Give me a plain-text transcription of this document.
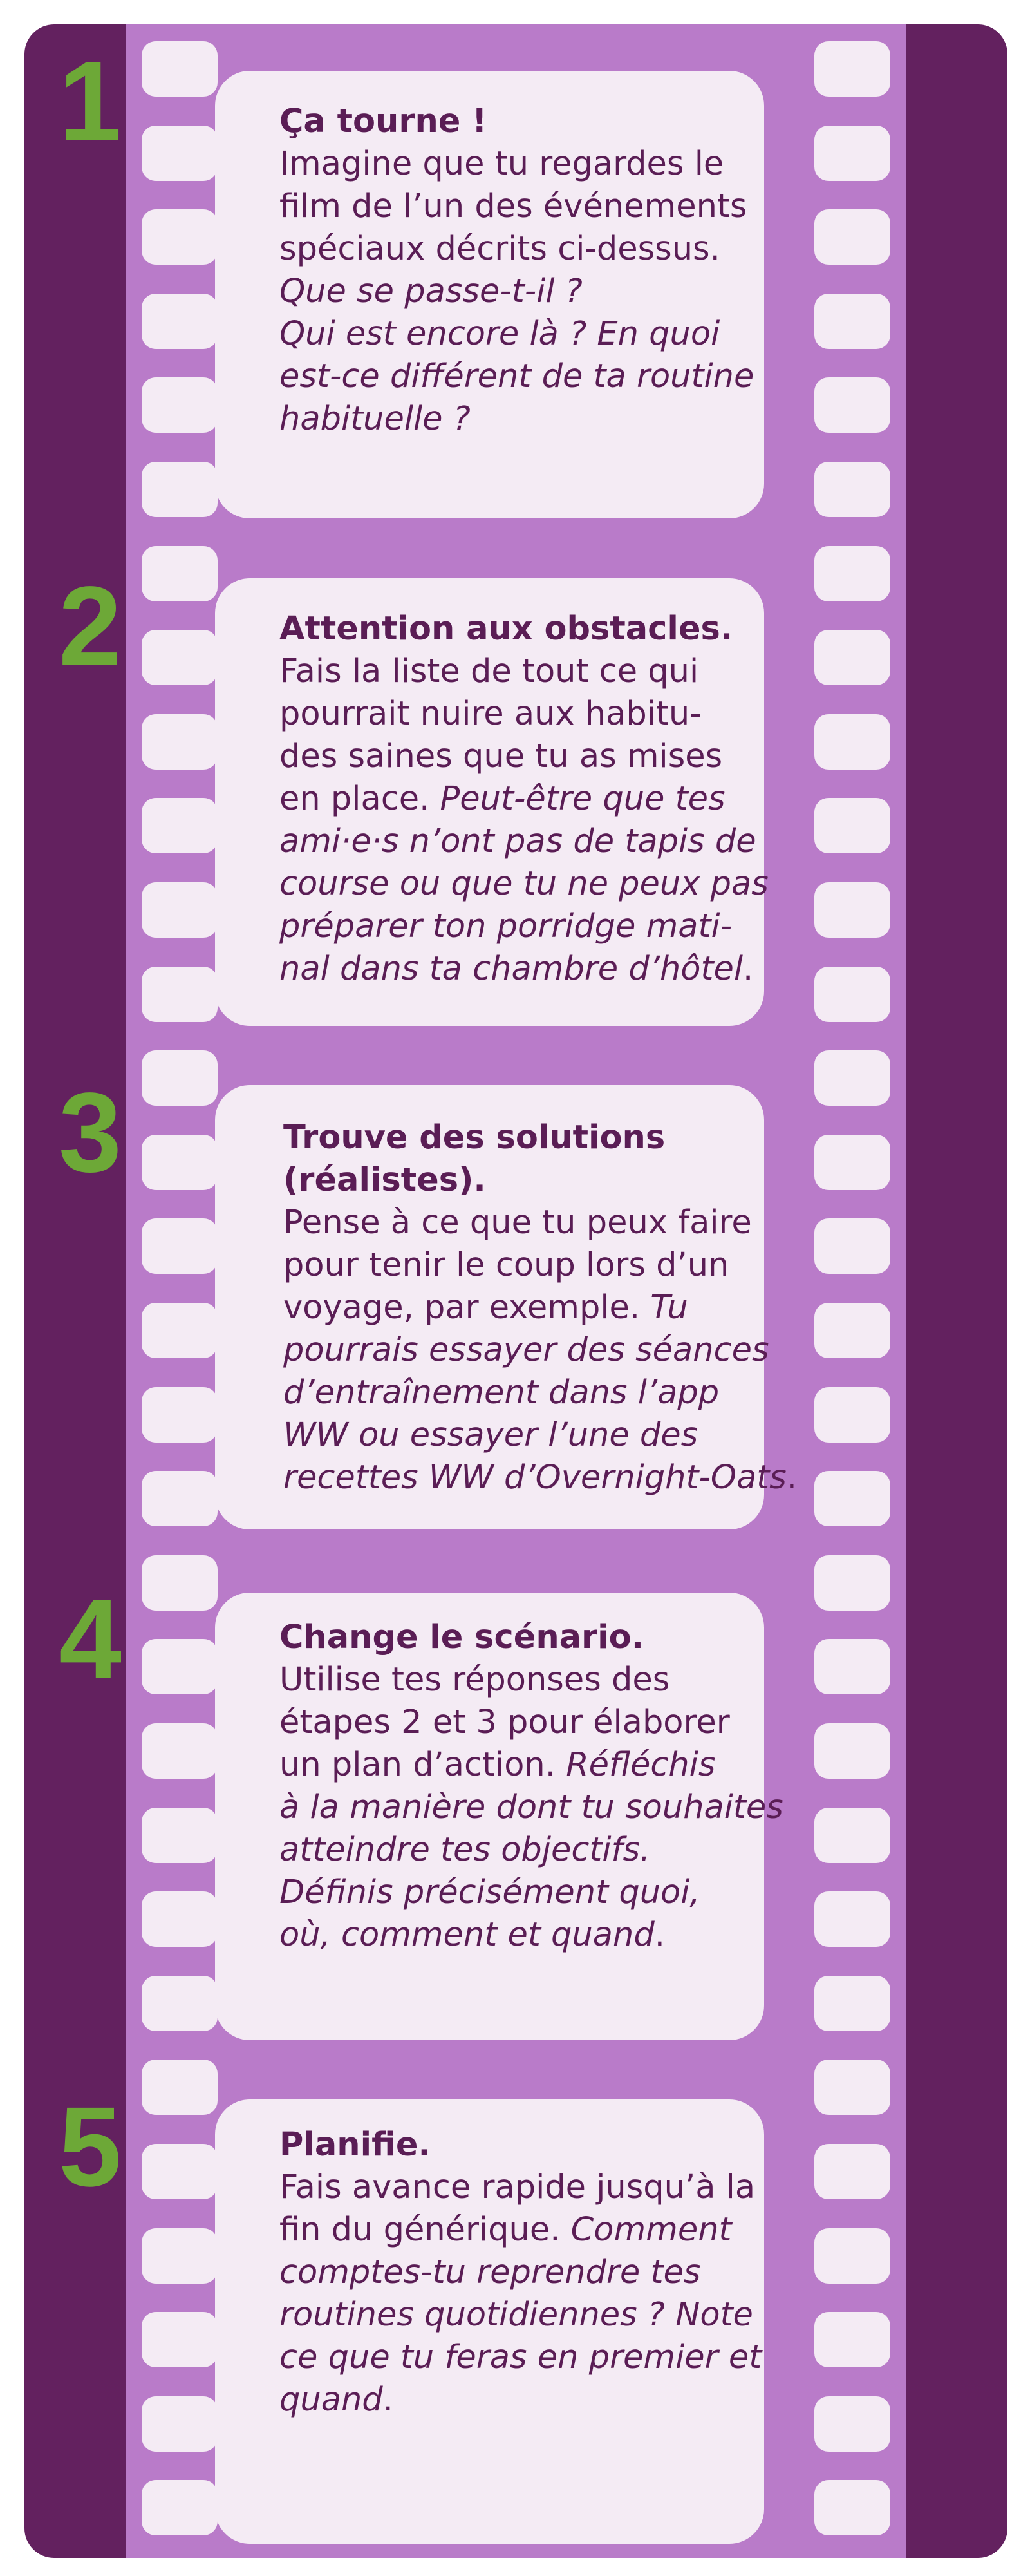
1	Ça tourne !
Imagine que tu regardes le
film de l’un des événements
spéciaux décrits ci-dessus.
Que se passe-t-il ?
Qui est encore là ? En quoi
est-ce différent de ta routine
habituelle ?
2	Attention aux obstacles.
Fais la liste de tout ce qui
pourrait nuire aux habitu-
des saines que tu as mises
en place. Peut-être que tes
ami·e·s n’ont pas de tapis de
course ou que tu ne peux pas
préparer ton porridge mati-
nal dans ta chambre d’hôtel.
3	Trouve des solutions
(réalistes).
Pense à ce que tu peux faire
pour tenir le coup lors d’un
voyage, par exemple. Tu
pourrais essayer des séances
d’entraînement dans l’app
WW ou essayer l’une des
recettes WW d’Overnight-Oats.
4	Change le scénario.
Utilise tes réponses des
étapes 2 et 3 pour élaborer
un plan d’action. Réfléchis
à la manière dont tu souhaites
atteindre tes objectifs.
Définis précisément quoi,
où, comment et quand.
5	Planifie.
Fais avance rapide jusqu’à la
fin du générique. Comment
comptes-tu reprendre tes
routines quotidiennes ? Note
ce que tu feras en premier et
quand.
